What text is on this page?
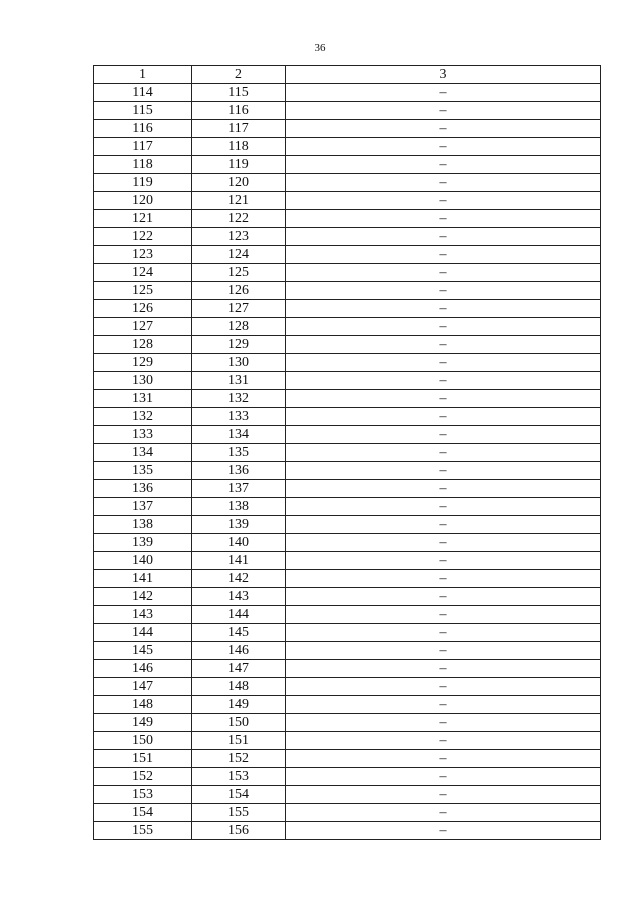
36
1	2	3
114	115	–
115	116	–
116	117	–
117	118	–
118	119	–
119	120	–
120	121	–
121	122	–
122	123	–
123	124	–
124	125	–
125	126	–
126	127	–
127	128	–
128	129	–
129	130	–
130	131	–
131	132	–
132	133	–
133	134	–
134	135	–
135	136	–
136	137	–
137	138	–
138	139	–
139	140	–
140	141	–
141	142	–
142	143	–
143	144	–
144	145	–
145	146	–
146	147	–
147	148	–
148	149	–
149	150	–
150	151	–
151	152	–
152	153	–
153	154	–
154	155	–
155	156	–
